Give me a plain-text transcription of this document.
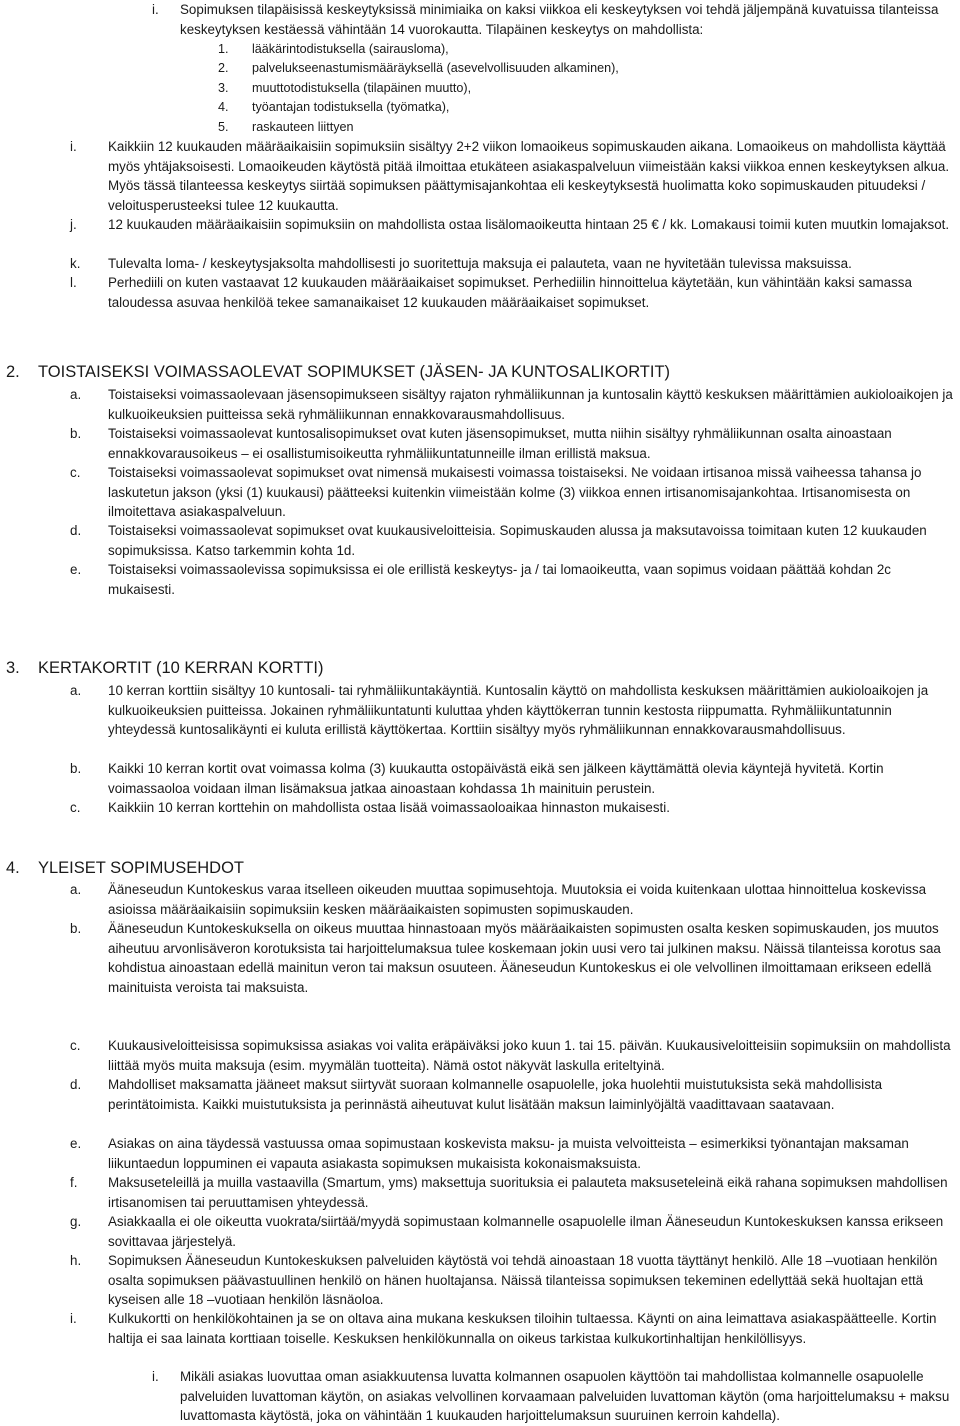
i. Sopimuksen tilapäisissä keskeytyksissä minimiaika on kaksi viikkoa eli keskeytyksen voi tehdä jäljempänä kuvatuissa tilanteissa keskeytyksen kestäessä vähintään 14 vuorokautta. Tilapäinen keskeytys on mahdollista:

1. lääkärintodistuksella (sairausloma),
2. palvelukseenastumismääräyksellä (asevelvollisuuden alkaminen),
3. muuttotodistuksella (tilapäinen muutto),
4. työantajan todistuksella (työmatka),
5. raskauteen liittyen
i. Kaikkiin 12 kuukauden määräaikaisiin sopimuksiin sisältyy 2+2 viikon lomaoikeus sopimuskauden aikana. Lomaoikeus on mahdollista käyttää myös yhtäjaksoisesti. Lomaoikeuden käytöstä pitää ilmoittaa etukäteen asiakaspalveluun viimeistään kaksi viikkoa ennen keskeytyksen alkua. Myös tässä tilanteessa keskeytys siirtää sopimuksen päättymisajankohtaa eli keskeytyksestä huolimatta koko sopimuskauden pituudeksi / veloitusperusteeksi tulee 12 kuukautta.

j. 12 kuukauden määräaikaisiin sopimuksiin on mahdollista ostaa lisälomaoikeutta hintaan 25 € / kk. Lomakausi toimii kuten muutkin lomajaksot.

k. Tulevalta loma- / keskeytysjaksolta mahdollisesti jo suoritettuja maksuja ei palauteta, vaan ne hyvitetään tulevissa maksuissa.

l. Perhediili on kuten vastaavat 12 kuukauden määräaikaiset sopimukset. Perhediilin hinnoittelua käytetään, kun vähintään kaksi samassa taloudessa asuvaa henkilöä tekee samanaikaiset 12 kuukauden määräaikaiset sopimukset.

2. TOISTAISEKSI VOIMASSAOLEVAT SOPIMUKSET (JÄSEN- JA KUNTOSALIKORTIT)
a. Toistaiseksi voimassaolevaan jäsensopimukseen sisältyy rajaton ryhmäliikunnan ja kuntosalin käyttö keskuksen määrittämien aukioloaikojen ja kulkuoikeuksien puitteissa sekä ryhmäliikunnan ennakkovarausmahdollisuus.

b. Toistaiseksi voimassaolevat kuntosalisopimukset ovat kuten jäsensopimukset, mutta niihin sisältyy ryhmäliikunnan osalta ainoastaan ennakkovarausoikeus – ei osallistumisoikeutta ryhmäliikuntatunneille ilman erillistä maksua.

c. Toistaiseksi voimassaolevat sopimukset ovat nimensä mukaisesti voimassa toistaiseksi. Ne voidaan irtisanoa missä vaiheessa tahansa jo laskutetun jakson (yksi (1) kuukausi) päätteeksi kuitenkin viimeistään kolme (3) viikkoa ennen irtisanomisajankohtaa. Irtisanomisesta on ilmoitettava asiakaspalveluun.

d. Toistaiseksi voimassaolevat sopimukset ovat kuukausiveloitteisia. Sopimuskauden alussa ja maksutavoissa toimitaan kuten 12 kuukauden sopimuksissa. Katso tarkemmin kohta 1d.

e. Toistaiseksi voimassaolevissa sopimuksissa ei ole erillistä keskeytys- ja / tai lomaoikeutta, vaan sopimus voidaan päättää kohdan 2c mukaisesti.

3. KERTAKORTIT (10 KERRAN KORTTI)
a. 10 kerran korttiin sisältyy 10 kuntosali- tai ryhmäliikuntakäyntiä. Kuntosalin käyttö on mahdollista keskuksen määrittämien aukioloaikojen ja kulkuoikeuksien puitteissa. Jokainen ryhmäliikuntatunti kuluttaa yhden käyttökerran tunnin kestosta riippumatta. Ryhmäliikuntatunnin yhteydessä kuntosalikäynti ei kuluta erillistä käyttökertaa. Korttiin sisältyy myös ryhmäliikunnan ennakkovarausmahdollisuus.

b. Kaikki 10 kerran kortit ovat voimassa kolma (3) kuukautta ostopäivästä eikä sen jälkeen käyttämättä olevia käyntejä hyvitetä. Kortin voimassaoloa voidaan ilman lisämaksua jatkaa ainoastaan kohdassa 1h mainituin perustein.

c. Kaikkiin 10 kerran korttehin on mahdollista ostaa lisää voimassaoloaikaa hinnaston mukaisesti.

4. YLEISET SOPIMUSEHDOT
a. Ääneseudun Kuntokeskus varaa itselleen oikeuden muuttaa sopimusehtoja. Muutoksia ei voida kuitenkaan ulottaa hinnoittelua koskevissa asioissa määräaikaisiin sopimuksiin kesken määräaikaisten sopimusten sopimuskauden.

b. Ääneseudun Kuntokeskuksella on oikeus muuttaa hinnastoaan myös määräaikaisten sopimusten osalta kesken sopimuskauden, jos muutos aiheutuu arvonlisäveron korotuksista tai harjoittelumaksua tulee koskemaan jokin uusi vero tai julkinen maksu. Näissä tilanteissa korotus saa kohdistua ainoastaan edellä mainitun veron tai maksun osuuteen. Ääneseudun Kuntokeskus ei ole velvollinen ilmoittamaan erikseen edellä mainituista veroista tai maksuista.

c. Kuukausiveloitteisissa sopimuksissa asiakas voi valita eräpäiväksi joko kuun 1. tai 15. päivän. Kuukausiveloitteisiin sopimuksiin on mahdollista liittää myös muita maksuja (esim. myymälän tuotteita). Nämä ostot näkyvät laskulla eriteltyinä.

d. Mahdolliset maksamatta jääneet maksut siirtyvät suoraan kolmannelle osapuolelle, joka huolehtii muistutuksista sekä mahdollisista perintätoimista. Kaikki muistutuksista ja perinnästä aiheutuvat kulut lisätään maksun laiminlyöjältä vaadittavaan saatavaan.

e. Asiakas on aina täydessä vastuussa omaa sopimustaan koskevista maksu- ja muista velvoitteista – esimerkiksi työnantajan maksaman liikuntaedun loppuminen ei vapauta asiakasta sopimuksen mukaisista kokonaismaksuista.

f. Maksuseteleillä ja muilla vastaavilla (Smartum, yms) maksettuja suorituksia ei palauteta maksuseteleinä eikä rahana sopimuksen mahdollisen irtisanomisen tai peruuttamisen yhteydessä.

g. Asiakkaalla ei ole oikeutta vuokrata/siirtää/myydä sopimustaan kolmannelle osapuolelle ilman Ääneseudun Kuntokeskuksen kanssa erikseen sovittavaa järjestelyä.

h. Sopimuksen Ääneseudun Kuntokeskuksen palveluiden käytöstä voi tehdä ainoastaan 18 vuotta täyttänyt henkilö. Alle 18 –vuotiaan henkilön osalta sopimuksen päävastuullinen henkilö on hänen huoltajansa. Näissä tilanteissa sopimuksen tekeminen edellyttää sekä huoltajan että kyseisen alle 18 –vuotiaan henkilön läsnäoloa.

i. Kulkukortti on henkilökohtainen ja se on oltava aina mukana keskuksen tiloihin tultaessa. Käynti on aina leimattava asiakaspäätteelle. Kortin haltija ei saa lainata korttiaan toiselle. Keskuksen henkilökunnalla on oikeus tarkistaa kulkukortinhaltijan henkilöllisyys.

i. Mikäli asiakas luovuttaa oman asiakkuutensa luvatta kolmannen osapuolen käyttöön tai mahdollistaa kolmannelle osapuolelle palveluiden luvattoman käytön, on asiakas velvollinen korvaamaan palveluiden luvattoman käytön (oma harjoittelumaksu + maksu luvattomasta käytöstä, joka on vähintään 1 kuukauden harjoittelumaksun suuruinen kerroin kahdella).
